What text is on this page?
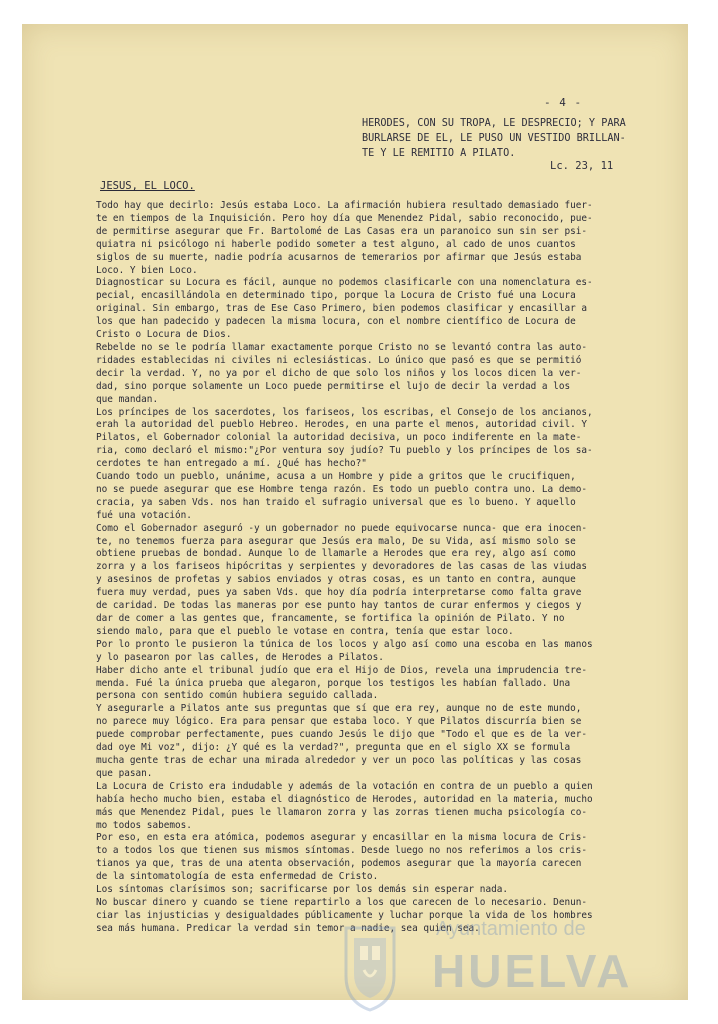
- 4 -
HERODES, CON SU TROPA, LE DESPRECIO; Y PARA
BURLARSE DE EL, LE PUSO UN VESTIDO BRILLAN-
TE Y LE REMITIO A PILATO.
Lc. 23, 11
JESUS, EL LOCO.
Todo hay que decirlo: Jesús estaba Loco. La afirmación hubiera resultado demasiado fuer-
te en tiempos de la Inquisición. Pero hoy día que Menendez Pidal, sabio reconocido, pue-
de permitirse asegurar que Fr. Bartolomé de Las Casas era un paranoico sun sin ser psi-
quiatra ni psicólogo ni haberle podido someter a test alguno, al cado de unos cuantos
siglos de su muerte, nadie podría acusarnos de temerarios por afirmar que Jesús estaba
Loco. Y bien Loco.
Diagnosticar su Locura es fácil, aunque no podemos clasificarle con una nomenclatura es-
pecial, encasillándola en determinado tipo, porque la Locura de Cristo fué una Locura
original. Sin embargo, tras de Ese Caso Primero, bien podemos clasificar y encasillar a
los que han padecido y padecen la misma locura, con el nombre científico de Locura de
Cristo o Locura de Dios.
Rebelde no se le podría llamar exactamente porque Cristo no se levantó contra las auto-
ridades establecidas ni civiles ni eclesiásticas. Lo único que pasó es que se permitió
decir la verdad. Y, no ya por el dicho de que solo los niños y los locos dicen la ver-
dad, sino porque solamente un Loco puede permitirse el lujo de decir la verdad a los
que mandan.
Los príncipes de los sacerdotes, los fariseos, los escribas, el Consejo de los ancianos,
erah la autoridad del pueblo Hebreo. Herodes, en una parte el menos, autoridad civil. Y
Pilatos, el Gobernador colonial la autoridad decisiva, un poco indiferente en la mate-
ria, como declaró el mismo:"¿Por ventura soy judío? Tu pueblo y los príncipes de los sa-
cerdotes te han entregado a mí. ¿Qué has hecho?"
Cuando todo un pueblo, unánime, acusa a un Hombre y pide a gritos que le crucifiquen,
no se puede asegurar que ese Hombre tenga razón. Es todo un pueblo contra uno. La demo-
cracia, ya saben Vds. nos han traido el sufragio universal que es lo bueno. Y aquello
fué una votación.
Como el Gobernador aseguró -y un gobernador no puede equivocarse nunca- que era inocen-
te, no tenemos fuerza para asegurar que Jesús era malo, De su Vida, así mismo solo se
obtiene pruebas de bondad. Aunque lo de llamarle a Herodes que era rey, algo así como
zorra y a los fariseos hipócritas y serpientes y devoradores de las casas de las viudas
y asesinos de profetas y sabios enviados y otras cosas, es un tanto en contra, aunque
fuera muy verdad, pues ya saben Vds. que hoy día podría interpretarse como falta grave
de caridad. De todas las maneras por ese punto hay tantos de curar enfermos y ciegos y
dar de comer a las gentes que, francamente, se fortifica la opinión de Pilato. Y no
siendo malo, para que el pueblo le votase en contra, tenía que estar loco.
Por lo pronto le pusieron la túnica de los locos y algo así como una escoba en las manos
y lo pasearon por las calles, de Herodes a Pilatos.
Haber dicho ante el tribunal judío que era el Hijo de Dios, revela una imprudencia tre-
menda. Fué la única prueba que alegaron, porque los testigos les habían fallado. Una
persona con sentido común hubiera seguido callada.
Y asegurarle a Pilatos ante sus preguntas que sí que era rey, aunque no de este mundo,
no parece muy lógico. Era para pensar que estaba loco. Y que Pilatos discurría bien se
puede comprobar perfectamente, pues cuando Jesús le dijo que "Todo el que es de la ver-
dad oye Mi voz", dijo: ¿Y qué es la verdad?", pregunta que en el siglo XX se formula
mucha gente tras de echar una mirada alrededor y ver un poco las políticas y las cosas
que pasan.
La Locura de Cristo era indudable y además de la votación en contra de un pueblo a quien
había hecho mucho bien, estaba el diagnóstico de Herodes, autoridad en la materia, mucho
más que Menendez Pidal, pues le llamaron zorra y las zorras tienen mucha psicología co-
mo todos sabemos.
Por eso, en esta era atómica, podemos asegurar y encasillar en la misma locura de Cris-
to a todos los que tienen sus mismos síntomas. Desde luego no nos referimos a los cris-
tianos ya que, tras de una atenta observación, podemos asegurar que la mayoría carecen
de la sintomatología de esta enfermedad de Cristo.
Los síntomas clarísimos son; sacrificarse por los demás sin esperar nada.
No buscar dinero y cuando se tiene repartirlo a los que carecen de lo necesario. Denun-
ciar las injusticias y desigualdades públicamente y luchar porque la vida de los hombres
sea más humana. Predicar la verdad sin temor a nadie, sea quien sea.
Ayuntamiento de
HUELVA
